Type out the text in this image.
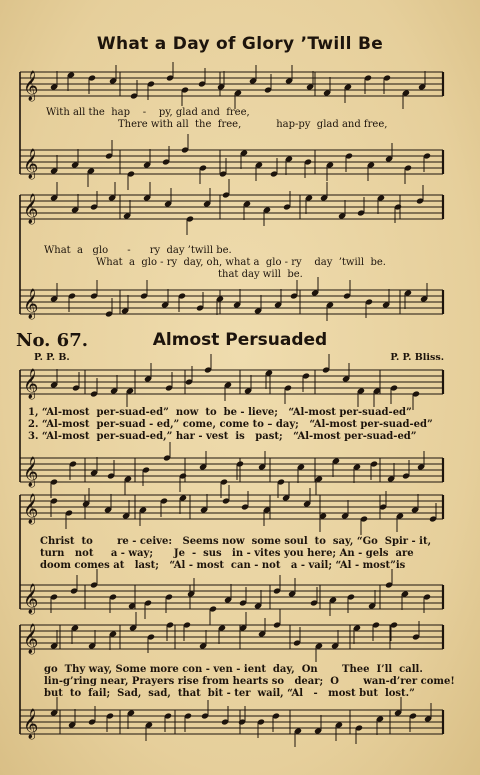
𝄞
𝄞
𝄞
𝄞
𝄞
𝄞
𝄞
𝄞
𝄞
𝄞
What a Day of Glory ’Twill Be
With all the  hap    -    py, glad and  free,
There with all  the  free,           hap-py  glad and free,
What  a   glo      -      ry  day ’twill be.
What  a  glo - ry  day, oh, what a  glo - ry    day  ’twill  be.
that day will  be.
No. 67.	Almost Persuaded
P. P. B.	P. P. Bliss.
1, “Al-most  per-suad-ed”  now  to  be - lieve;   “Al-most per-suad-ed”
2. “Al-most  per-suad - ed,” come, come to – day;   “Al-most per-suad-ed”
3. “Al-most  per-suad-ed,” har - vest  is   past;   “Al-most per-suad-ed”
Christ  to       re - ceive:   Seems now  some soul  to  say, “Go  Spir - it,
turn   not     a - way;      Je  -  sus   in - vites you here; An - gels  are
doom comes at   last;   “Al - most  can - not   a - vail; “Al - most”is
go  Thy way, Some more con - ven - ient  day,  On       Thee  I’ll  call.
lin-g’ring near, Prayers rise from hearts so   dear;  O       wan-d’rer come!
but  to  fail;  Sad,  sad,  that  bit - ter  wail, “Al   -   most but  lost.”
